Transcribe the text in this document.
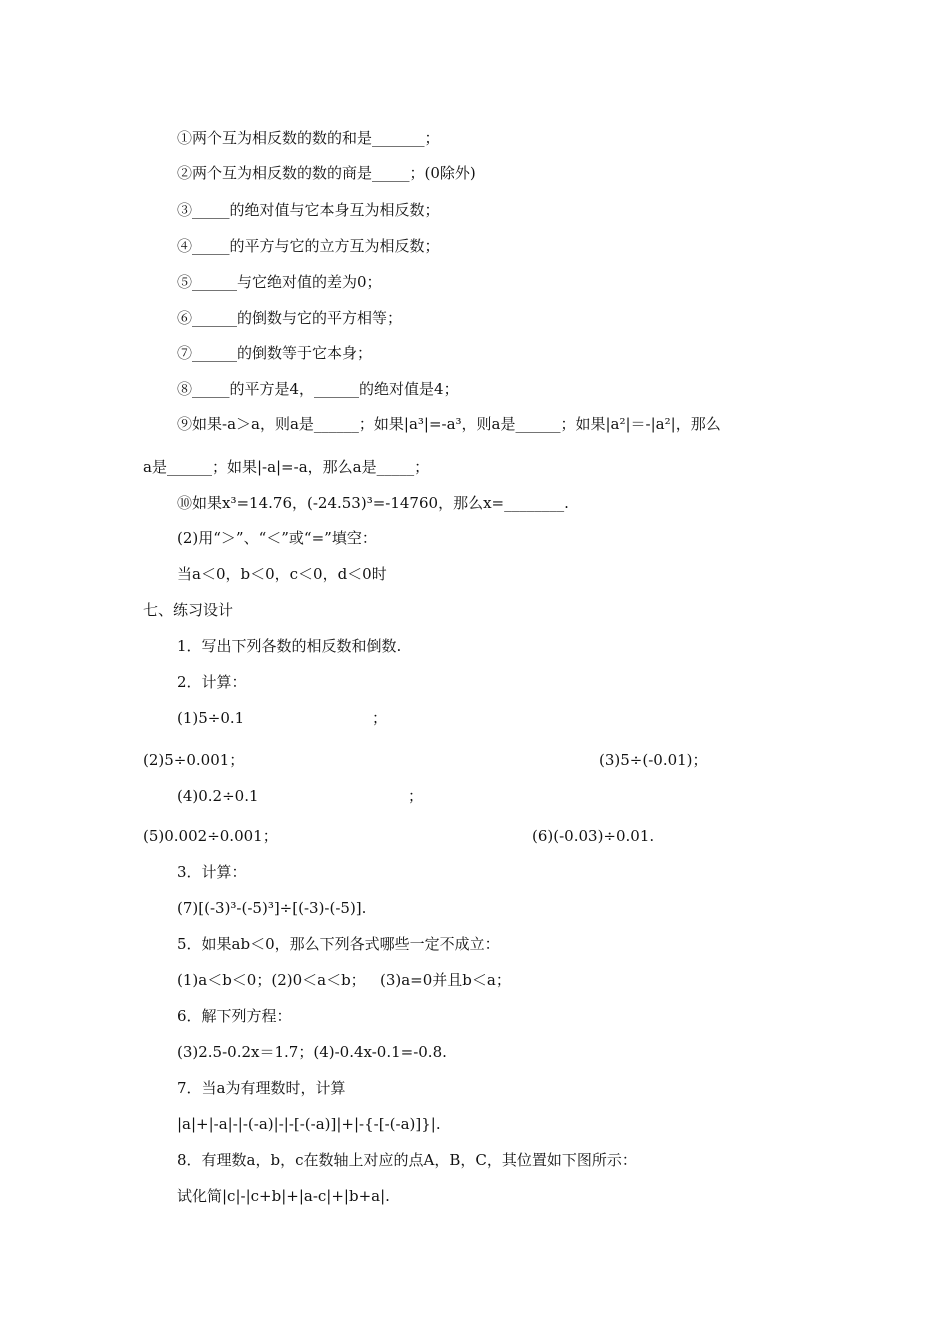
①两个互为相反数的数的和是_______；
②两个互为相反数的数的商是_____；(0除外)
③_____的绝对值与它本身互为相反数；
④_____的平方与它的立方互为相反数；
⑤______与它绝对值的差为0；
⑥______的倒数与它的平方相等；
⑦______的倒数等于它本身；
⑧_____的平方是4，______的绝对值是4；
⑨如果-a＞a，则a是______；如果|a³|=-a³，则a是______；如果|a²|＝-|a²|，那么
a是______；如果|-a|=-a，那么a是_____；
⑩如果x³=14.76，(-24.53)³=-14760，那么x=________.
(2)用“＞”、“＜”或“=”填空：
当a＜0，b＜0，c＜0，d＜0时
七、练习设计
1．写出下列各数的相反数和倒数.
2．计算：
(1)5÷0.1	；
(2)5÷0.001；	(3)5÷(-0.01)；
(4)0.2÷0.1	；
(5)0.002÷0.001；	(6)(-0.03)÷0.01.
3．计算：
(7)[(-3)³-(-5)³]÷[(-3)-(-5)].
5．如果ab＜0，那么下列各式哪些一定不成立：
(1)a＜b＜0；(2)0＜a＜b；   (3)a=0并且b＜a；
6．解下列方程：
(3)2.5-0.2x＝1.7；(4)-0.4x-0.1=-0.8.
7．当a为有理数时，计算
|a|+|-a|-|-(-a)|-|-[-(-a)]|+|-{-[-(-a)]}|.
8．有理数a，b，c在数轴上对应的点A，B，C，其位置如下图所示：
试化简|c|-|c+b|+|a-c|+|b+a|.
